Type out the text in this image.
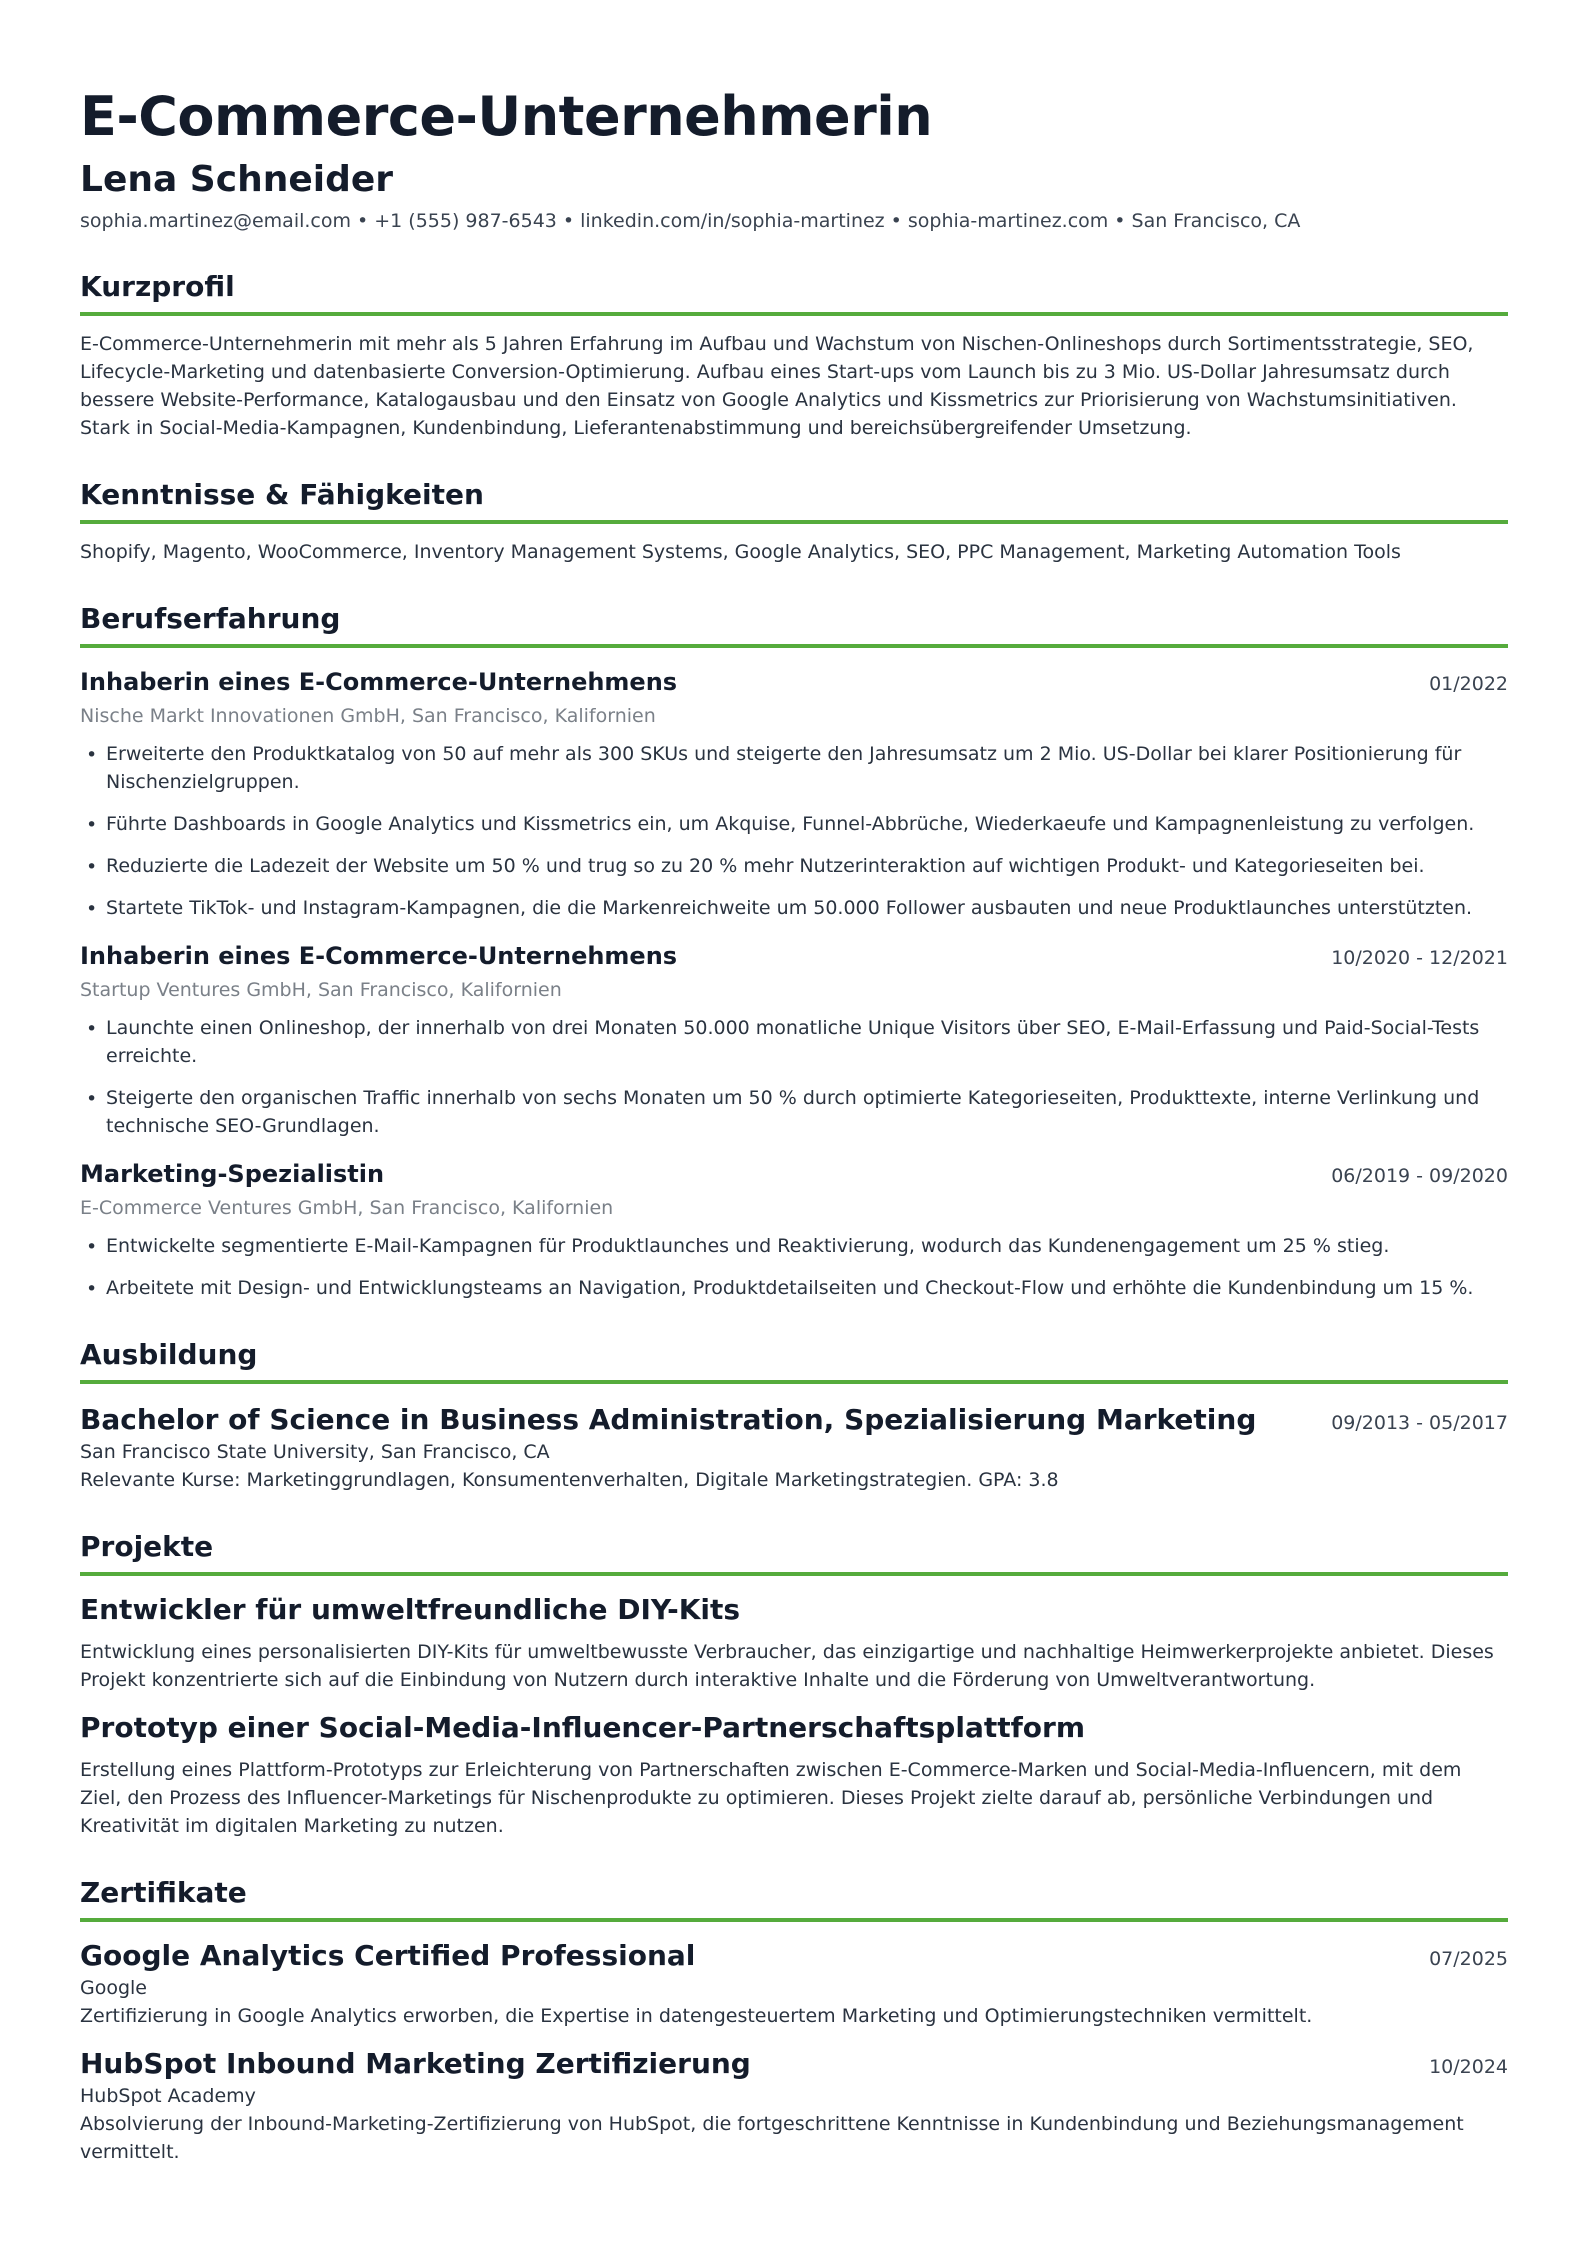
E-Commerce-Unternehmerin
Lena Schneider
sophia.martinez@email.com • +1 (555) 987-6543 • linkedin.com/in/sophia-martinez • sophia-martinez.com • San Francisco, CA
Kurzprofil

E-Commerce-Unternehmerin mit mehr als 5 Jahren Erfahrung im Aufbau und Wachstum von Nischen-Onlineshops durch Sortimentsstrategie, SEO, Lifecycle-Marketing und datenbasierte Conversion-Optimierung. Aufbau eines Start-ups vom Launch bis zu 3 Mio. US-Dollar Jahresumsatz durch bessere Website-Performance, Katalogausbau und den Einsatz von Google Analytics und Kissmetrics zur Priorisierung von Wachstumsinitiativen. Stark in Social-Media-Kampagnen, Kundenbindung, Lieferantenabstimmung und bereichsübergreifender Umsetzung.

Kenntnisse & Fähigkeiten

Shopify, Magento, WooCommerce, Inventory Management Systems, Google Analytics, SEO, PPC Management, Marketing Automation Tools

Berufserfahrung
Inhaberin eines E-Commerce-Unternehmens	01/2022
Nische Markt Innovationen GmbH, San Francisco, Kalifornien
• Erweiterte den Produktkatalog von 50 auf mehr als 300 SKUs und steigerte den Jahresumsatz um 2 Mio. US-Dollar bei klarer Positionierung für Nischenzielgruppen.
• Führte Dashboards in Google Analytics und Kissmetrics ein, um Akquise, Funnel-Abbrüche, Wiederkaeufe und Kampagnenleistung zu verfolgen.
• Reduzierte die Ladezeit der Website um 50 % und trug so zu 20 % mehr Nutzerinteraktion auf wichtigen Produkt- und Kategorieseiten bei.
• Startete TikTok- und Instagram-Kampagnen, die die Markenreichweite um 50.000 Follower ausbauten und neue Produktlaunches unterstützten.
Inhaberin eines E-Commerce-Unternehmens	10/2020 - 12/2021
Startup Ventures GmbH, San Francisco, Kalifornien
• Launchte einen Onlineshop, der innerhalb von drei Monaten 50.000 monatliche Unique Visitors über SEO, E-Mail-Erfassung und Paid-Social-Tests erreichte.
• Steigerte den organischen Traffic innerhalb von sechs Monaten um 50 % durch optimierte Kategorieseiten, Produkttexte, interne Verlinkung und technische SEO-Grundlagen.
Marketing-Spezialistin	06/2019 - 09/2020
E-Commerce Ventures GmbH, San Francisco, Kalifornien
• Entwickelte segmentierte E-Mail-Kampagnen für Produktlaunches und Reaktivierung, wodurch das Kundenengagement um 25 % stieg.
• Arbeitete mit Design- und Entwicklungsteams an Navigation, Produktdetailseiten und Checkout-Flow und erhöhte die Kundenbindung um 15 %.
Ausbildung
Bachelor of Science in Business Administration, Spezialisierung Marketing	09/2013 - 05/2017
San Francisco State University, San Francisco, CA
Relevante Kurse: Marketinggrundlagen, Konsumentenverhalten, Digitale Marketingstrategien. GPA: 3.8
Projekte
Entwickler für umweltfreundliche DIY-Kits

Entwicklung eines personalisierten DIY-Kits für umweltbewusste Verbraucher, das einzigartige und nachhaltige Heimwerkerprojekte anbietet. Dieses Projekt konzentrierte sich auf die Einbindung von Nutzern durch interaktive Inhalte und die Förderung von Umweltverantwortung.

Prototyp einer Social-Media-Influencer-Partnerschaftsplattform

Erstellung eines Plattform-Prototyps zur Erleichterung von Partnerschaften zwischen E-Commerce-Marken und Social-Media-Influencern, mit dem Ziel, den Prozess des Influencer-Marketings für Nischenprodukte zu optimieren. Dieses Projekt zielte darauf ab, persönliche Verbindungen und Kreativität im digitalen Marketing zu nutzen.

Zertifikate
Google Analytics Certified Professional	07/2025
Google
Zertifizierung in Google Analytics erworben, die Expertise in datengesteuertem Marketing und Optimierungstechniken vermittelt.
HubSpot Inbound Marketing Zertifizierung	10/2024
HubSpot Academy
Absolvierung der Inbound-Marketing-Zertifizierung von HubSpot, die fortgeschrittene Kenntnisse in Kundenbindung und Beziehungsmanagement vermittelt.
